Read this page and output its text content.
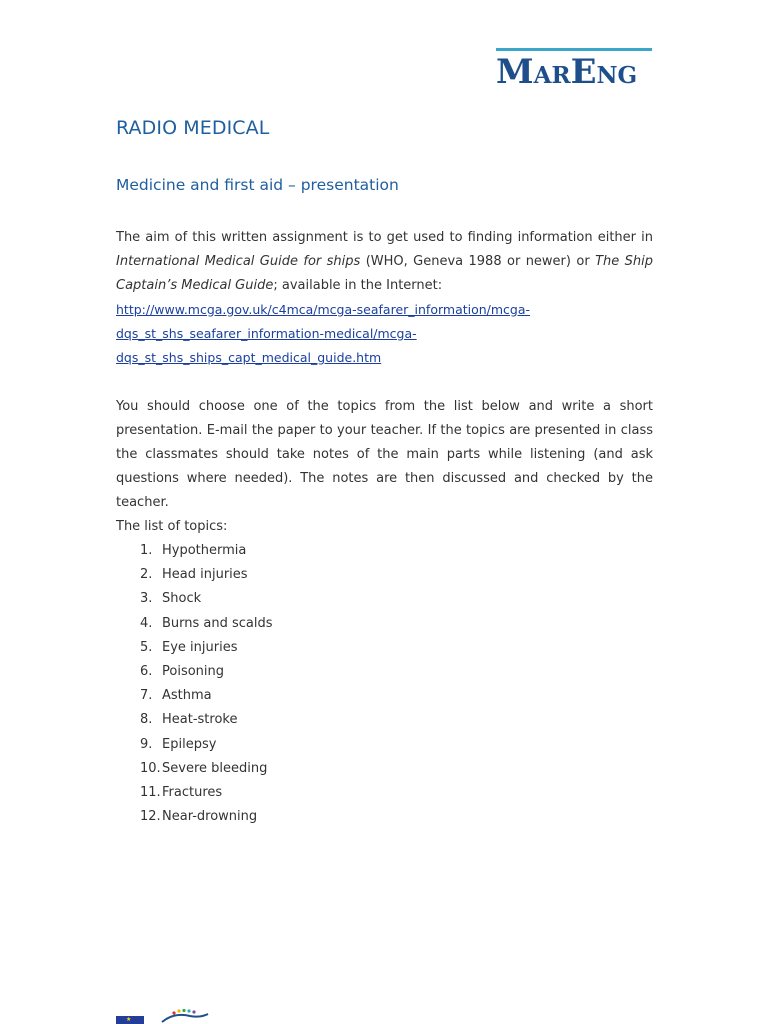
MARENG
RADIO MEDICAL
Medicine and first aid – presentation
The aim of this written assignment is to get used to finding information either in International Medical Guide for ships (WHO, Geneva 1988 or newer) or The Ship Captain’s Medical Guide; available in the Internet:
http://www.mcga.gov.uk/c4mca/mcga-seafarer_information/mcga-
dqs_st_shs_seafarer_information-medical/mcga-
dqs_st_shs_ships_capt_medical_guide.htm
You should choose one of the topics from the list below and write a short presentation. E-mail the paper to your teacher. If the topics are presented in class the classmates should take notes of the main parts while listening (and ask questions where needed). The notes are then discussed and checked by the teacher.
The list of topics:
1. Hypothermia
2. Head injuries
3. Shock
4. Burns and scalds
5. Eye injuries
6. Poisoning
7. Asthma
8. Heat-stroke
9. Epilepsy
10.Severe bleeding
11.Fractures
12.Near-drowning
★
